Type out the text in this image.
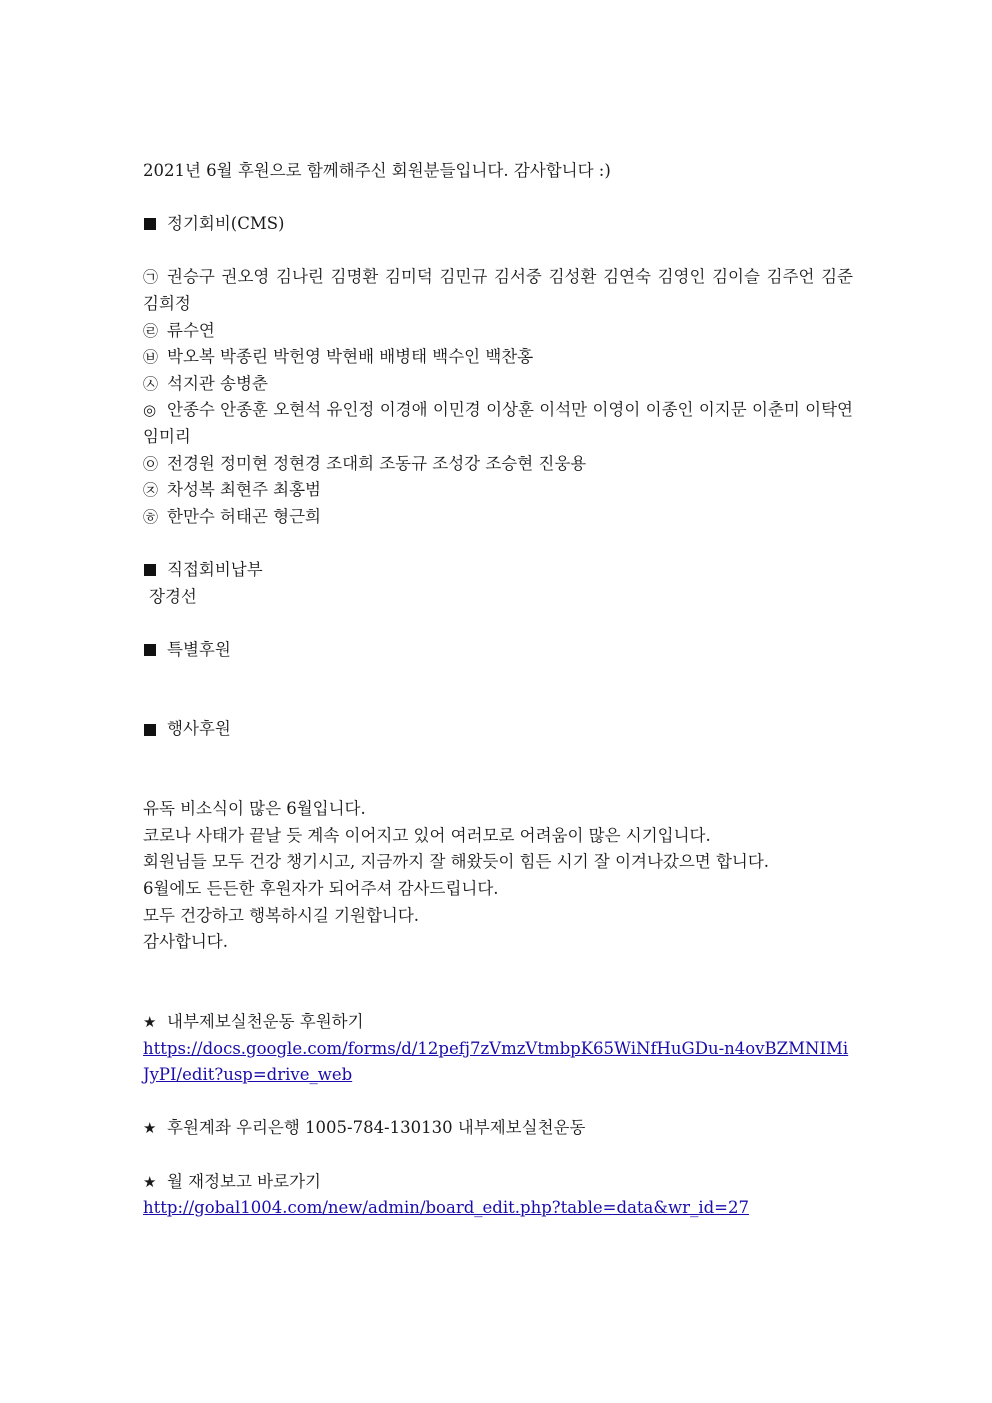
2021년 6월 후원으로 함께해주신 회원분들입니다. 감사합니다 :)

정기회비(CMS)

㉠ 권승구 권오영 김나린 김명환 김미덕 김민규 김서중 김성환 김연숙 김영인 김이슬 김주언 김준 김희정

㉣ 류수연

㉥ 박오복 박종린 박헌영 박현배 배병태 백수인 백찬홍

㉦ 석지관 송병춘

◎ 안종수 안종훈 오현석 유인정 이경애 이민경 이상훈 이석만 이영이 이종인 이지문 이춘미 이탁연 임미리

㉧ 전경원 정미현 정현경 조대희 조동규 조성강 조승현 진웅용

㉨ 차성복 최현주 최홍범

㉭ 한만수 허태곤 형근희

직접회비납부

장경선

특별후원
행사후원

유독 비소식이 많은 6월입니다.

코로나 사태가 끝날 듯 계속 이어지고 있어 여러모로 어려움이 많은 시기입니다.

회원님들 모두 건강 챙기시고, 지금까지 잘 해왔듯이 힘든 시기 잘 이겨나갔으면 합니다.

6월에도 든든한 후원자가 되어주셔 감사드립니다.

모두 건강하고 행복하시길 기원합니다.

감사합니다.

★ 내부제보실천운동 후원하기

https://docs.google.com/forms/d/12pefj7zVmzVtmbpK65WiNfHuGDu-n4ovBZMNIMiJyPI/edit?usp=drive_web

★ 후원계좌 우리은행 1005-784-130130 내부제보실천운동

★ 월 재정보고 바로가기

http://gobal1004.com/new/admin/board_edit.php?table=data&wr_id=27
